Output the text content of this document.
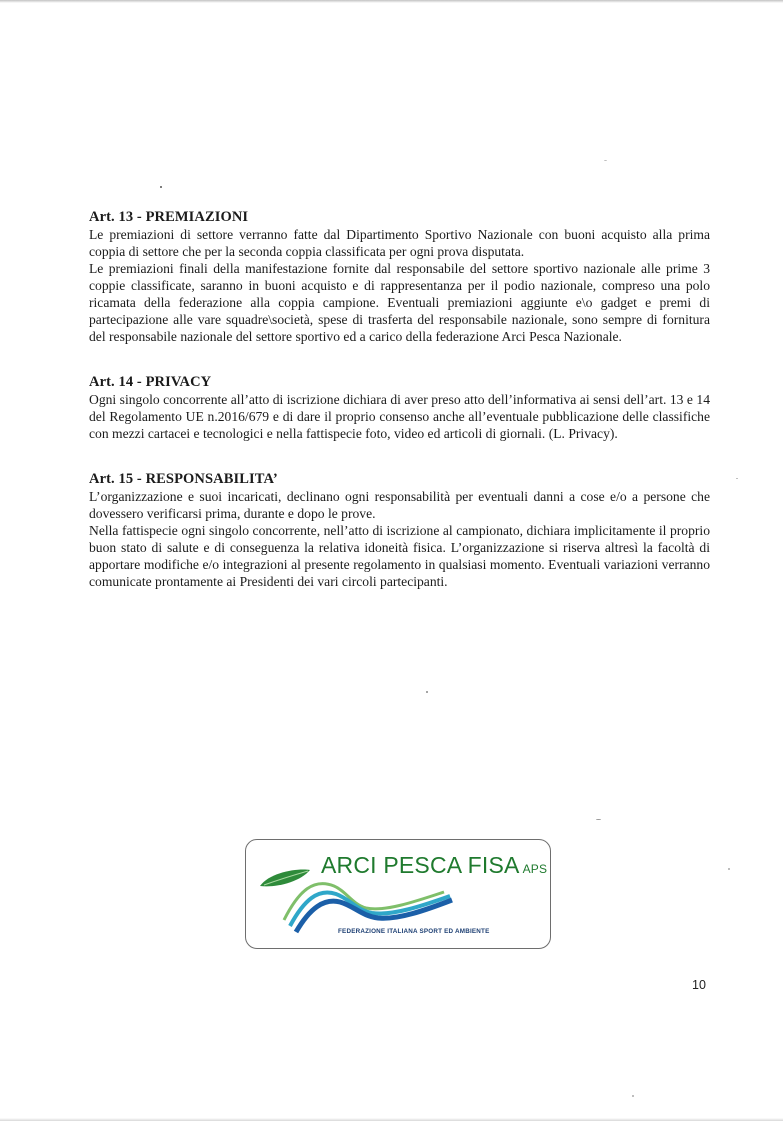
Art. 13 - PREMIAZIONI

Le premiazioni di settore verranno fatte dal Dipartimento Sportivo Nazionale con buoni acquisto alla prima coppia di settore che per la seconda coppia classificata per ogni prova disputata.

Le premiazioni finali della manifestazione fornite dal responsabile del settore sportivo nazionale alle prime 3 coppie classificate, saranno in buoni acquisto e di rappresentanza per il podio nazionale, compreso una polo ricamata della federazione alla coppia campione. Eventuali premiazioni aggiunte e\o gadget e premi di partecipazione alle vare squadre\società, spese di trasferta del responsabile nazionale, sono sempre di fornitura del responsabile nazionale del settore sportivo ed a carico della federazione Arci Pesca Nazionale.

Art. 14 - PRIVACY

Ogni singolo concorrente all’atto di iscrizione dichiara di aver preso atto dell’informativa ai sensi dell’art. 13 e 14 del Regolamento UE n.2016/679 e di dare il proprio consenso anche all’eventuale pubblicazione delle classifiche con mezzi cartacei e tecnologici e nella fattispecie foto, video ed articoli di giornali. (L. Privacy).

Art. 15 - RESPONSABILITA’

L’organizzazione e suoi incaricati, declinano ogni responsabilità per eventuali danni a cose e/o a persone che dovessero verificarsi prima, durante e dopo le prove.

Nella fattispecie ogni singolo concorrente, nell’atto di iscrizione al campionato, dichiara implicitamente il proprio buon stato di salute e di conseguenza la relativa idoneità fisica. L’organizzazione si riserva altresì la facoltà di apportare modifiche e/o integrazioni al presente regolamento in qualsiasi momento. Eventuali variazioni verranno comunicate prontamente ai Presidenti dei vari circoli partecipanti.

ARCI PESCA FISA APS
FEDERAZIONE ITALIANA SPORT ED AMBIENTE
10
